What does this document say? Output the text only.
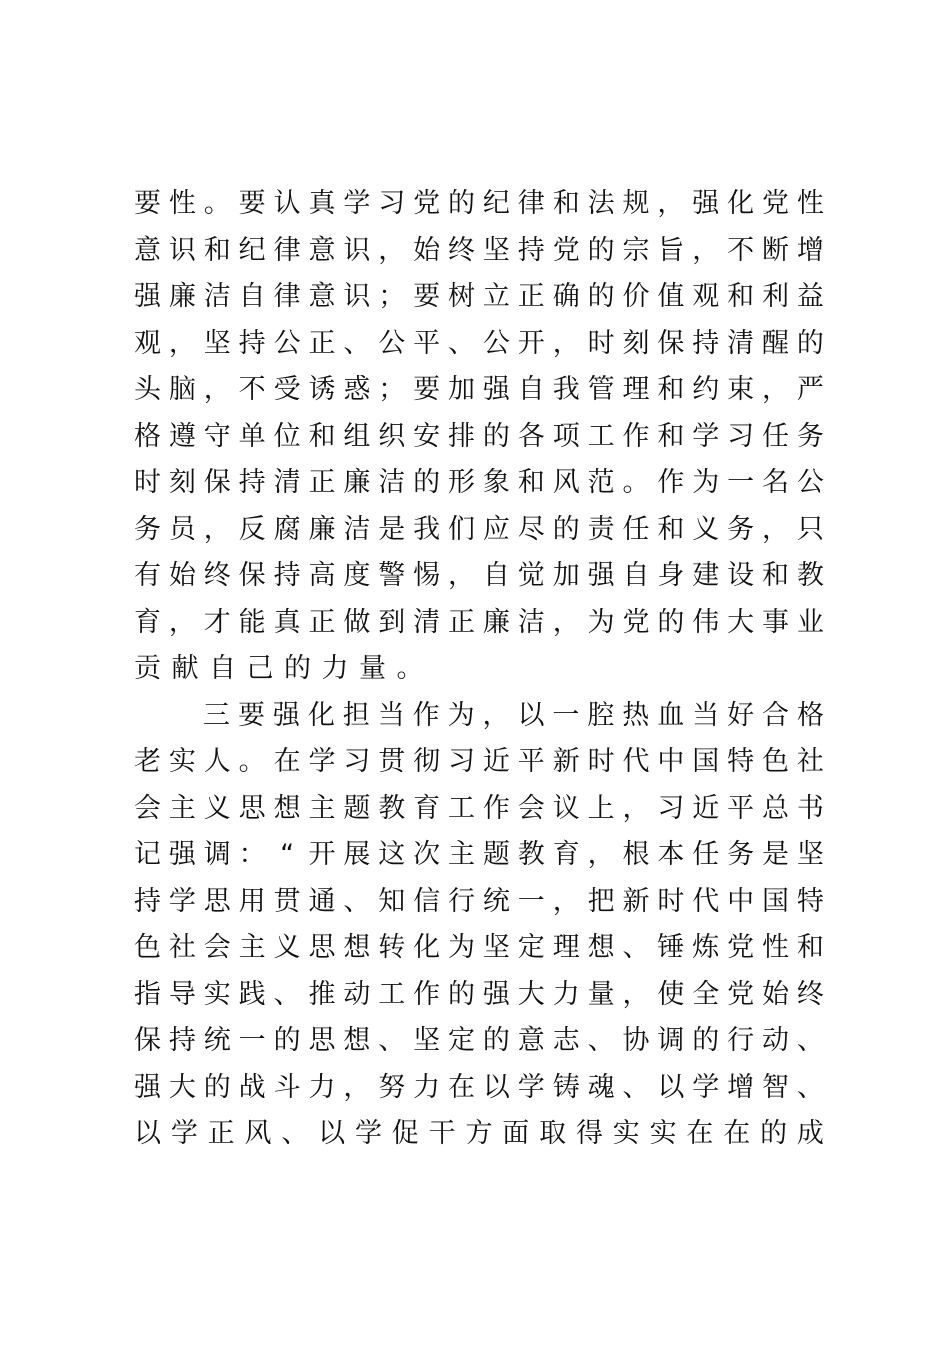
要 性 。 要 认 真 学 习 党 的 纪 律 和 法 规 ， 强 化 党 性
意 识 和 纪 律 意 识 ， 始 终 坚 持 党 的 宗 旨 ， 不 断 增
强 廉 洁 自 律 意 识 ； 要 树 立 正 确 的 价 值 观 和 利 益
观 ， 坚 持 公 正 、 公 平 、 公 开 ， 时 刻 保 持 清 醒 的
头 脑 ， 不 受 诱 惑 ； 要 加 强 自 我 管 理 和 约 束 ， 严
格 遵 守 单 位 和 组 织 安 排 的 各 项 工 作 和 学 习 任 务
时 刻 保 持 清 正 廉 洁 的 形 象 和 风 范 。 作 为 一 名 公
务 员 ， 反 腐 廉 洁 是 我 们 应 尽 的 责 任 和 义 务 ， 只
有 始 终 保 持 高 度 警 惕 ， 自 觉 加 强 自 身 建 设 和 教
育 ， 才 能 真 正 做 到 清 正 廉 洁 ， 为 党 的 伟 大 事 业
贡 献 自 己 的 力 量 。
三 要 强 化 担 当 作 为 ， 以 一 腔 热 血 当 好 合 格
老 实 人 。 在 学 习 贯 彻 习 近 平 新 时 代 中 国 特 色 社
会 主 义 思 想 主 题 教 育 工 作 会 议 上 ， 习 近 平 总 书
记 强 调 ： “ 开 展 这 次 主 题 教 育 ， 根 本 任 务 是 坚
持 学 思 用 贯 通 、 知 信 行 统 一 ， 把 新 时 代 中 国 特
色 社 会 主 义 思 想 转 化 为 坚 定 理 想 、 锤 炼 党 性 和
指 导 实 践 、 推 动 工 作 的 强 大 力 量 ， 使 全 党 始 终
保 持 统 一 的 思 想 、 坚 定 的 意 志 、 协 调 的 行 动 、
强 大 的 战 斗 力 ， 努 力 在 以 学 铸 魂 、 以 学 增 智 、
以 学 正 风 、 以 学 促 干 方 面 取 得 实 实 在 在 的 成
